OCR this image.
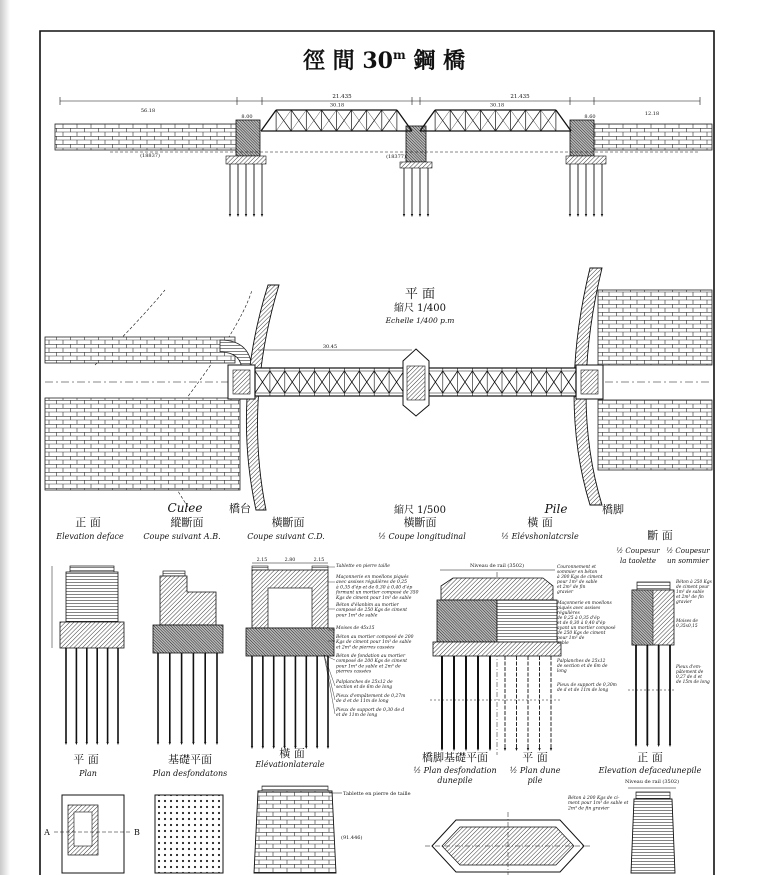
徑 間 30$^m$ 鋼 橋
21.435	21.435
30.18	30.18
56.18
8.00	8.60	12.18
(18837)	(18377)
30.45
平 面
縮尺 1/400
Echelle 1/400 p.m
Culee 橋台
正 面
Elevation deface
縱斷面
Coupe suivant A.B.
橫斷面
Coupe suivant C.D.
縮尺 1/500
橫斷面
½ Coupe longitudinal
Pile	橋脚
橫 面
½ Elévshonlatcrsle	斷 面
½ Coupesur
la taolette
½ Coupesur
un sommier
2.15	2.80	2.15
Niveau de rail (3502)
Tablette en pierre taille
Maçonnerie en moellons piqués
avec assises régulières de 0,25
à 0,35 d'ép et de 0,30 à 0,40 d'ép
formant un mortier composé de 350
Kgs de ciment pour 1m³ de sable
Béton d'élanbim au mortier
composé de 250 Kgs de ciment
pour 1m³ de sable
Moises de 45x15
Béton au mortier composé de 200
Kgs de ciment pour 1m³ de sable
et 2m³ de pierres cassées
Béton de fondation au mortier
composé de 200 Kgs de ciment
pour 1m³ de sable et 2m³ de
pierres cassées
Palplanches de 25x12 de
section et de 6m de long
Pieux d'empâtement de 0,27m
de d et de 11m de long
Pieux de support de 0,30 de d
et de 11m de long
Couronnement et
sommier en béton
à 300 Kgs de ciment
pour 1m³ de sable
et 2m³ de fin
gravier
Maçonnerie en moellons
piqués avec assises
régulières
de 0,25 à 0,35 d'ép
et de 0,30 à 0,40 d'ép
ayant un mortier composé
de 250 Kgs de ciment
pour 1m³ de
sable
Palplanches de 25x12
de section et de 6m de
long
Pieux de support de 0,30m
de d et de 11m de long
Béton à 250 Kgs
de ciment pour
1m³ de sable
et 2m³ de fin
gravier
Moises de
0,35x0,15
Pieux d'em-
pâtement de
0,27 de d et
de 15m de long
Béton à 200 Kgs de ci-
ment pour 1m³ de sable et
2m³ de fin gravier
平 面
Plan
基礎平面
Plan desfondatons
橫 面
Elévationlaterale
橋脚基礎平面
½ Plan desfondation
dunepile
平 面
½ Plan dune
pile
正 面
Elevation defacedunepile
Niveau de rail (3502)
A	B
Tablette en pierre de taille
(91.446)
